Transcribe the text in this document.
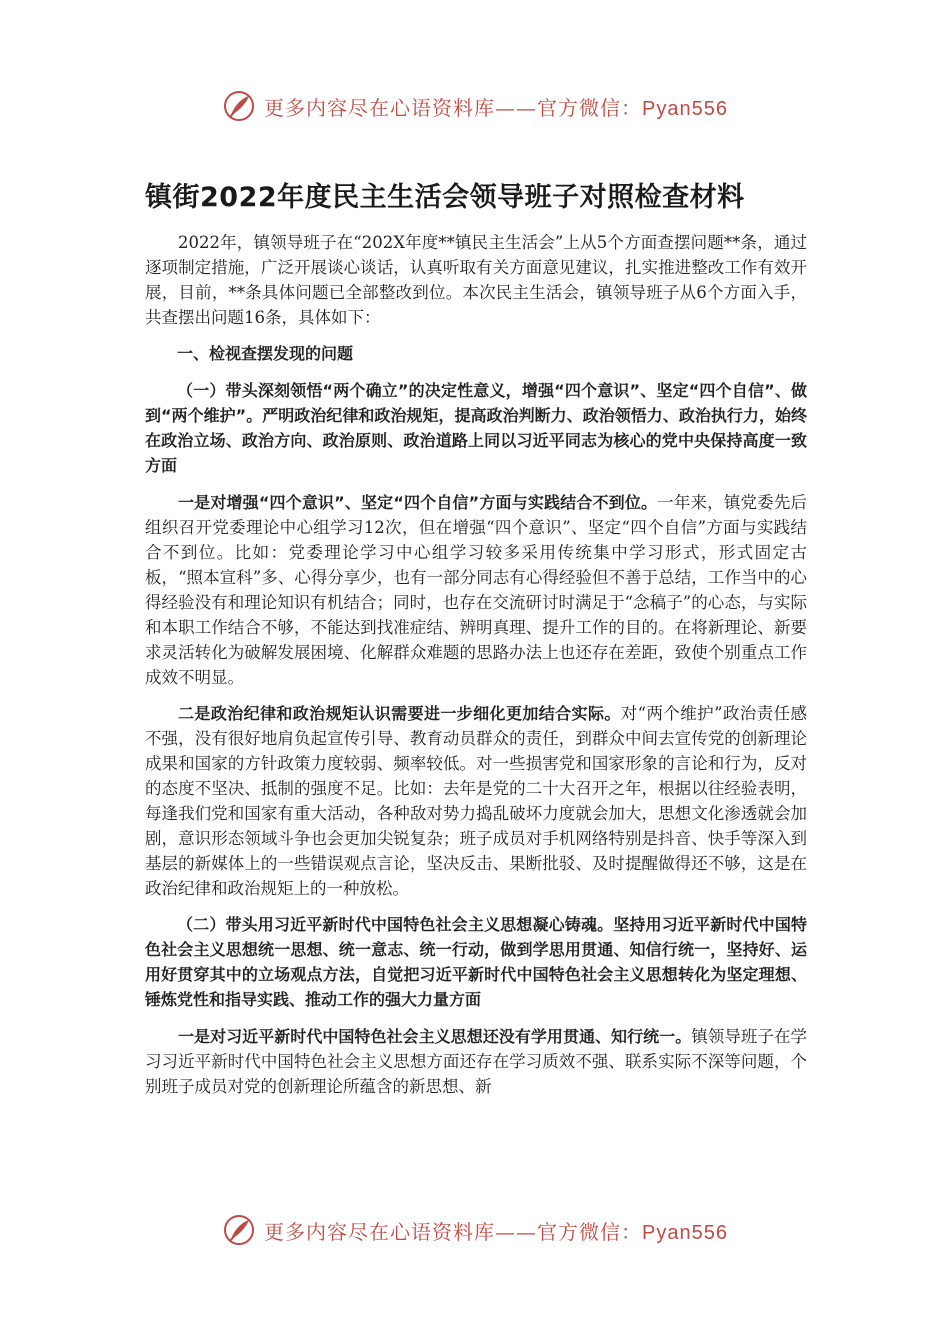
更多内容尽在心语资料库——官方微信：Pyan556
镇街2022年度民主生活会领导班子对照检查材料

2022年，镇领导班子在“202X年度**镇民主生活会”上从5个方面查摆问题**条，通过逐项制定措施，广泛开展谈心谈话，认真听取有关方面意见建议，扎实推进整改工作有效开展，目前，**条具体问题已全部整改到位。本次民主生活会，镇领导班子从6个方面入手，共查摆出问题16条，具体如下：

一、检视查摆发现的问题

（一）带头深刻领悟“两个确立”的决定性意义，增强“四个意识”、坚定“四个自信”、做到“两个维护”。严明政治纪律和政治规矩，提高政治判断力、政治领悟力、政治执行力，始终在政治立场、政治方向、政治原则、政治道路上同以习近平同志为核心的党中央保持高度一致方面

一是对增强“四个意识”、坚定“四个自信”方面与实践结合不到位。一年来，镇党委先后组织召开党委理论中心组学习12次，但在增强“四个意识”、坚定“四个自信”方面与实践结合不到位。比如：党委理论学习中心组学习较多采用传统集中学习形式，形式固定古板，“照本宣科”多、心得分享少，也有一部分同志有心得经验但不善于总结，工作当中的心得经验没有和理论知识有机结合；同时，也存在交流研讨时满足于“念稿子”的心态，与实际和本职工作结合不够，不能达到找准症结、辨明真理、提升工作的目的。在将新理论、新要求灵活转化为破解发展困境、化解群众难题的思路办法上也还存在差距，致使个别重点工作成效不明显。

二是政治纪律和政治规矩认识需要进一步细化更加结合实际。对“两个维护”政治责任感不强，没有很好地肩负起宣传引导、教育动员群众的责任，到群众中间去宣传党的创新理论成果和国家的方针政策力度较弱、频率较低。对一些损害党和国家形象的言论和行为，反对的态度不坚决、抵制的强度不足。比如：去年是党的二十大召开之年，根据以往经验表明，每逢我们党和国家有重大活动，各种敌对势力捣乱破坏力度就会加大，思想文化渗透就会加剧，意识形态领域斗争也会更加尖锐复杂；班子成员对手机网络特别是抖音、快手等深入到基层的新媒体上的一些错误观点言论，坚决反击、果断批驳、及时提醒做得还不够，这是在政治纪律和政治规矩上的一种放松。

（二）带头用习近平新时代中国特色社会主义思想凝心铸魂。坚持用习近平新时代中国特色社会主义思想统一思想、统一意志、统一行动，做到学思用贯通、知信行统一，坚持好、运用好贯穿其中的立场观点方法，自觉把习近平新时代中国特色社会主义思想转化为坚定理想、锤炼党性和指导实践、推动工作的强大力量方面

一是对习近平新时代中国特色社会主义思想还没有学用贯通、知行统一。镇领导班子在学习习近平新时代中国特色社会主义思想方面还存在学习质效不强、联系实际不深等问题，个别班子成员对党的创新理论所蕴含的新思想、新

更多内容尽在心语资料库——官方微信：Pyan556
